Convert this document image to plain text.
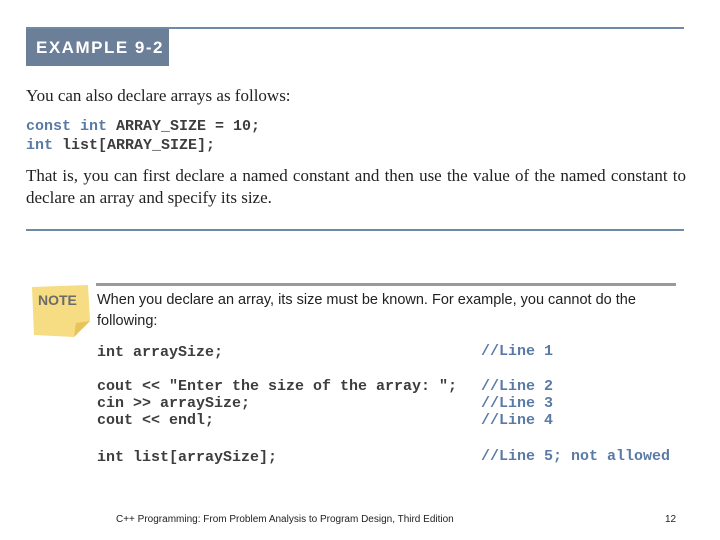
EXAMPLE 9-2
You can also declare arrays as follows:
const int ARRAY_SIZE = 10;
int list[ARRAY_SIZE];
That is, you can first declare a named constant and then use the value of the named constant to declare an array and specify its size.
NOTE When you declare an array, its size must be known. For example, you cannot do the following:
int arraySize;	//Line 1
cout << "Enter the size of the array: "; //Line 2
cin >> arraySize;	//Line 3
cout << endl;	//Line 4
int list[arraySize];	//Line 5; not allowed
C++ Programming: From Problem Analysis to Program Design, Third Edition	12
